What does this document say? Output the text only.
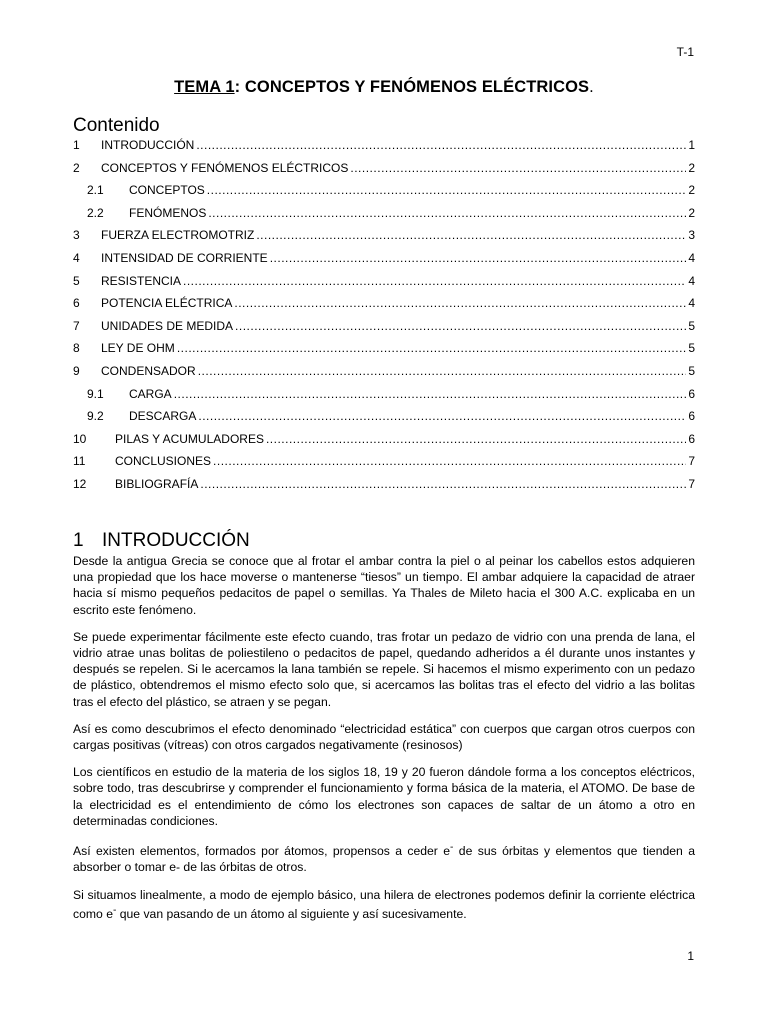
T-1
TEMA 1: CONCEPTOS Y FENÓMENOS ELÉCTRICOS.
Contenido
1	INTRODUCCIÓN .....	1
2	CONCEPTOS Y FENÓMENOS ELÉCTRICOS .....	2
2.1	CONCEPTOS .....	2
2.2	FENÓMENOS .....	2
3	FUERZA ELECTROMOTRIZ .....	3
4	INTENSIDAD DE CORRIENTE .....	4
5	RESISTENCIA .....	4
6	POTENCIA ELÉCTRICA .....	4
7	UNIDADES DE MEDIDA .....	5
8	LEY DE OHM .....	5
9	CONDENSADOR .....	5
9.1	CARGA .....	6
9.2	DESCARGA .....	6
10	PILAS Y ACUMULADORES .....	6
11	CONCLUSIONES .....	7
12	BIBLIOGRAFÍA .....	7
1 INTRODUCCIÓN

Desde la antigua Grecia se conoce que al frotar el ambar contra la piel o al peinar los cabellos estos adquieren una propiedad que los hace moverse o mantenerse “tiesos” un tiempo. El ambar adquiere la capacidad de atraer hacia sí mismo pequeños pedacitos de papel o semillas. Ya Thales de Mileto hacia el 300 A.C. explicaba en un escrito este fenómeno.

Se puede experimentar fácilmente este efecto cuando, tras frotar un pedazo de vidrio con una prenda de lana, el vidrio atrae unas bolitas de poliestileno o pedacitos de papel, quedando adheridos a él durante unos instantes y después se repelen. Si le acercamos la lana también se repele. Si hacemos el mismo experimento con un pedazo de plástico, obtendremos el mismo efecto solo que, si acercamos las bolitas tras el efecto del vidrio a las bolitas tras el efecto del plástico, se atraen y se pegan.

Así es como descubrimos el efecto denominado “electricidad estática” con cuerpos que cargan otros cuerpos con cargas positivas (vítreas) con otros cargados negativamente (resinosos)

Los científicos en estudio de la materia de los siglos 18, 19 y 20 fueron dándole forma a los conceptos eléctricos, sobre todo, tras descubrirse y comprender el funcionamiento y forma básica de la materia, el ATOMO. De base de la electricidad es el entendimiento de cómo los electrones son capaces de saltar de un átomo a otro en determinadas condiciones.

Así existen elementos, formados por átomos, propensos a ceder e- de sus órbitas y elementos que tienden a absorber o tomar e- de las órbitas de otros.

Si situamos linealmente, a modo de ejemplo básico, una hilera de electrones podemos definir la corriente eléctrica como e- que van pasando de un átomo al siguiente y así sucesivamente.

1
